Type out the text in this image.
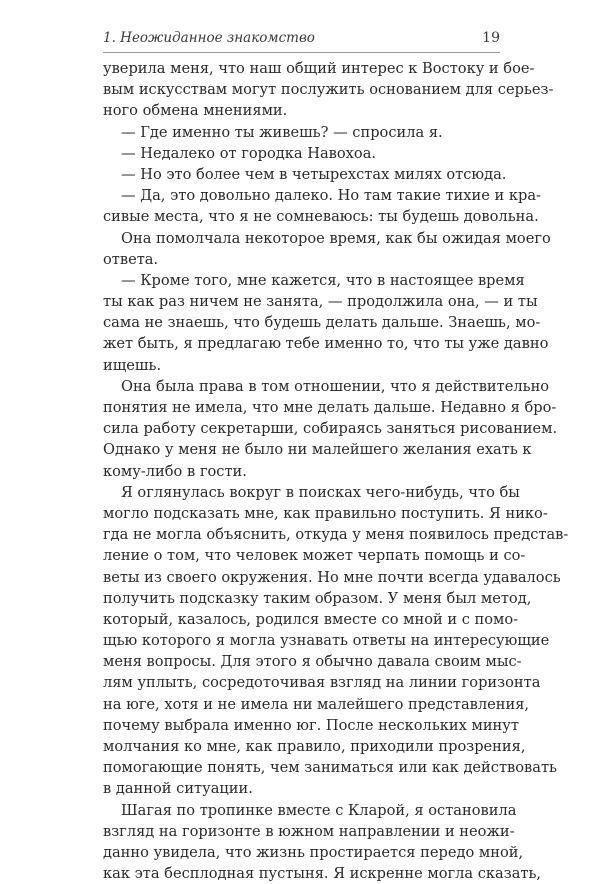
1. Неожиданное знакомство	19
уверила меня, что наш общий интерес к Востоку и бое-
вым искусствам могут послужить основанием для серьез-
ного обмена мнениями.
— Где именно ты живешь? — спросила я.
— Недалеко от городка Навохоа.
— Но это более чем в четырехстах милях отсюда.
— Да, это довольно далеко. Но там такие тихие и кра-
сивые места, что я не сомневаюсь: ты будешь довольна.
Она помолчала некоторое время, как бы ожидая моего
ответа.
— Кроме того, мне кажется, что в настоящее время
ты как раз ничем не занята, — продолжила она, — и ты
сама не знаешь, что будешь делать дальше. Знаешь, мо-
жет быть, я предлагаю тебе именно то, что ты уже давно
ищешь.
Она была права в том отношении, что я действительно
понятия не имела, что мне делать дальше. Недавно я бро-
сила работу секретарши, собираясь заняться рисованием.
Однако у меня не было ни малейшего желания ехать к
кому-либо в гости.
Я оглянулась вокруг в поисках чего-нибудь, что бы
могло подсказать мне, как правильно поступить. Я нико-
гда не могла объяснить, откуда у меня появилось представ-
ление о том, что человек может черпать помощь и со-
веты из своего окружения. Но мне почти всегда удавалось
получить подсказку таким образом. У меня был метод,
который, казалось, родился вместе со мной и с помо-
щью которого я могла узнавать ответы на интересующие
меня вопросы. Для этого я обычно давала своим мыс-
лям уплыть, сосредоточивая взгляд на линии горизонта
на юге, хотя и не имела ни малейшего представления,
почему выбрала именно юг. После нескольких минут
молчания ко мне, как правило, приходили прозрения,
помогающие понять, чем заниматься или как действовать
в данной ситуации.
Шагая по тропинке вместе с Кларой, я остановила
взгляд на горизонте в южном направлении и неожи-
данно увидела, что жизнь простирается передо мной,
как эта бесплодная пустыня. Я искренне могла сказать,
